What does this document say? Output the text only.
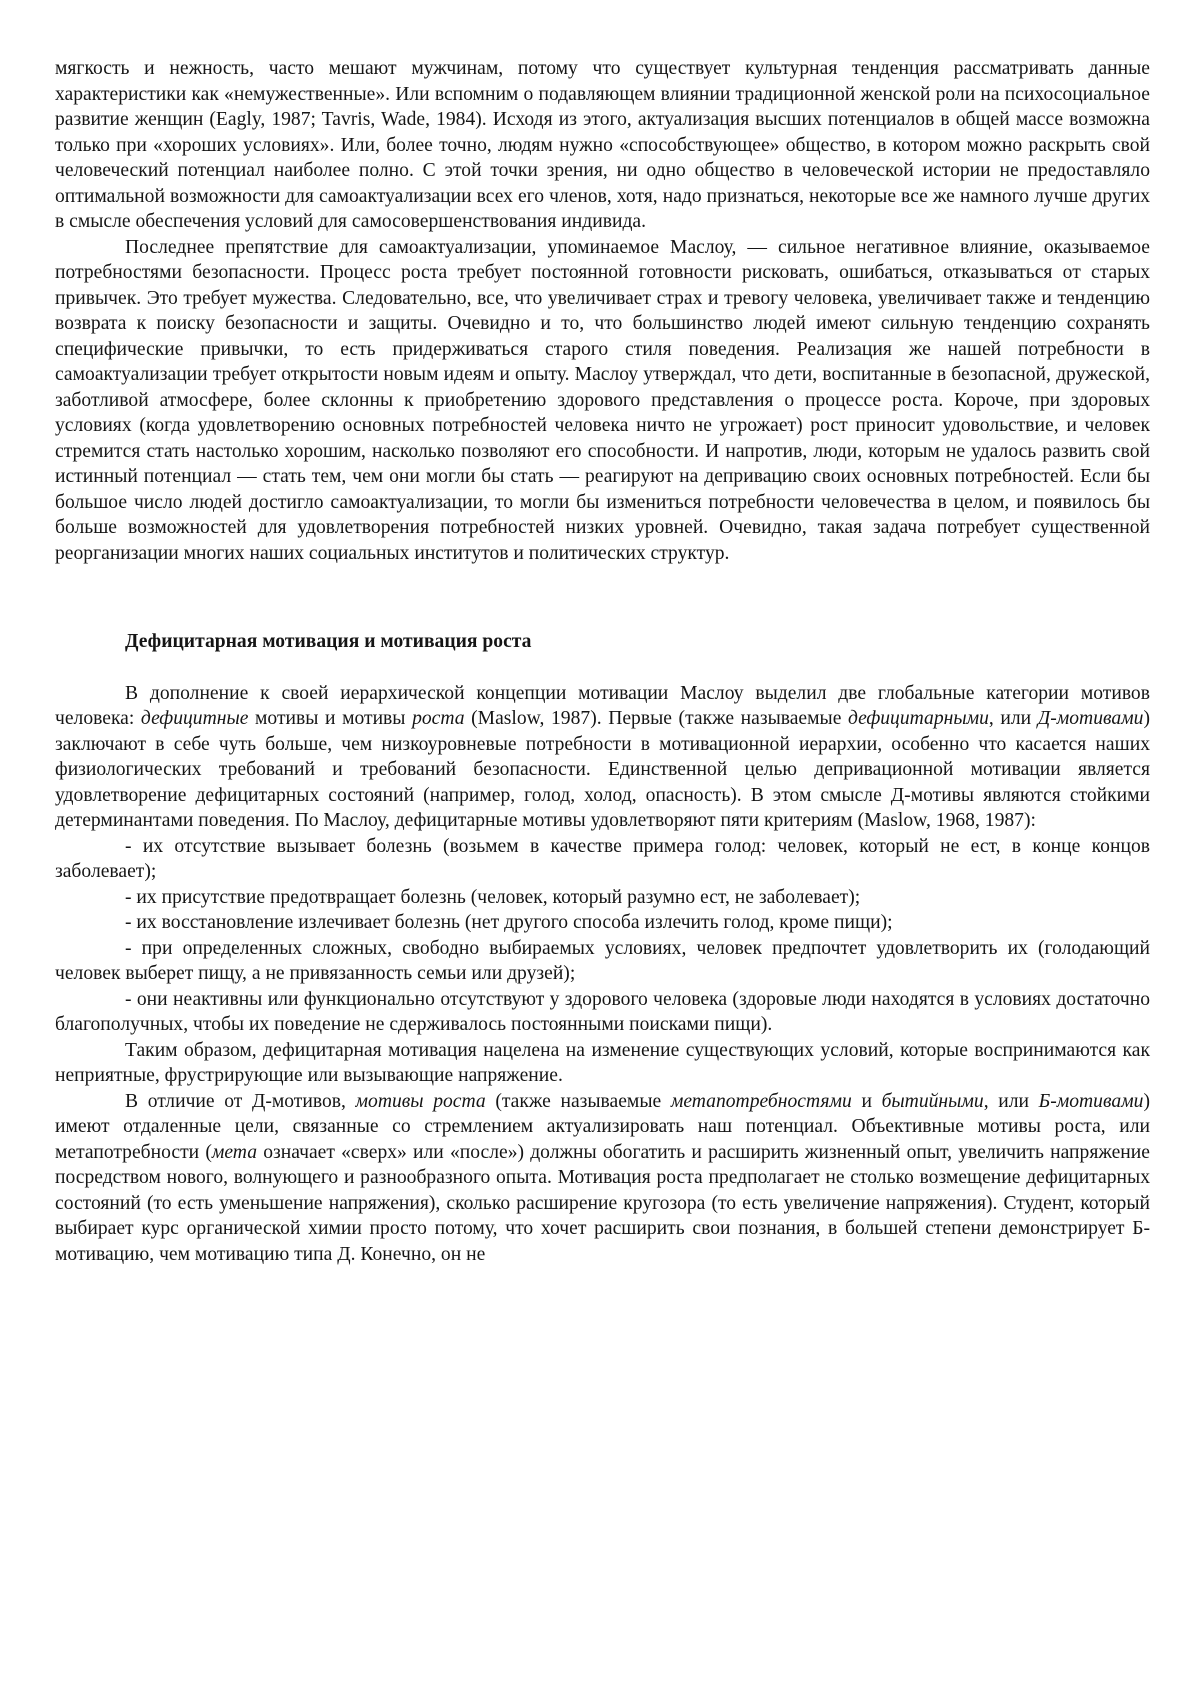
мягкость и нежность, часто мешают мужчинам, потому что существует культурная тенденция рассматривать данные характеристики как «немужественные». Или вспомним о подавляющем влиянии традиционной женской роли на психосоциальное развитие женщин (Eagly, 1987; Tavris, Wade, 1984). Исходя из этого, актуализация высших потенциалов в общей массе возможна только при «хороших условиях». Или, более точно, людям нужно «способствующее» общество, в котором можно раскрыть свой человеческий потенциал наиболее полно. С этой точки зрения, ни одно общество в человеческой истории не предоставляло оптимальной возможности для самоактуализации всех его членов, хотя, надо признаться, некоторые все же намного лучше других в смысле обеспечения условий для самосовершенствования индивида.

Последнее препятствие для самоактуализации, упоминаемое Маслоу, — сильное негативное влияние, оказываемое потребностями безопасности. Процесс роста требует постоянной готовности рисковать, ошибаться, отказываться от старых привычек. Это требует мужества. Следовательно, все, что увеличивает страх и тревогу человека, увеличивает также и тенденцию возврата к поиску безопасности и защиты. Очевидно и то, что большинство людей имеют сильную тенденцию сохранять специфические привычки, то есть придерживаться старого стиля поведения. Реализация же нашей потребности в самоактуализации требует открытости новым идеям и опыту. Маслоу утверждал, что дети, воспитанные в безопасной, дружеской, заботливой атмосфере, более склонны к приобретению здорового представления о процессе роста. Короче, при здоровых условиях (когда удовлетворению основных потребностей человека ничто не угрожает) рост приносит удовольствие, и человек стремится стать настолько хорошим, насколько позволяют его способности. И напротив, люди, которым не удалось развить свой истинный потенциал — стать тем, чем они могли бы стать — реагируют на депривацию своих основных потребностей. Если бы большое число людей достигло самоактуализации, то могли бы измениться потребности человечества в целом, и появилось бы больше возможностей для удовлетворения потребностей низких уровней. Очевидно, такая задача потребует существенной реорганизации многих наших социальных институтов и политических структур.

Дефицитарная мотивация и мотивация роста

В дополнение к своей иерархической концепции мотивации Маслоу выделил две глобальные категории мотивов человека: дефицитные мотивы и мотивы роста (Maslow, 1987). Первые (также называемые дефицитарными, или Д-мотивами) заключают в себе чуть больше, чем низкоуровневые потребности в мотивационной иерархии, особенно что касается наших физиологических требований и требований безопасности. Единственной целью депривационной мотивации является удовлетворение дефицитарных состояний (например, голод, холод, опасность). В этом смысле Д-мотивы являются стойкими детерминантами поведения. По Маслоу, дефицитарные мотивы удовлетворяют пяти критериям (Maslow, 1968, 1987):

- их отсутствие вызывает болезнь (возьмем в качестве примера голод: человек, который не ест, в конце концов заболевает);

- их присутствие предотвращает болезнь (человек, который разумно ест, не заболевает);

- их восстановление излечивает болезнь (нет другого способа излечить голод, кроме пищи);

- при определенных сложных, свободно выбираемых условиях, человек предпочтет удовлетворить их (голодающий человек выберет пищу, а не привязанность семьи или друзей);

- они неактивны или функционально отсутствуют у здорового человека (здоровые люди находятся в условиях достаточно благополучных, чтобы их поведение не сдерживалось постоянными поисками пищи).

Таким образом, дефицитарная мотивация нацелена на изменение существующих условий, которые воспринимаются как неприятные, фрустрирующие или вызывающие напряжение.

В отличие от Д-мотивов, мотивы роста (также называемые метапотребностями и бытийными, или Б-мотивами) имеют отдаленные цели, связанные со стремлением актуализировать наш потенциал. Объективные мотивы роста, или метапотребности (мета означает «сверх» или «после») должны обогатить и расширить жизненный опыт, увеличить напряжение посредством нового, волнующего и разнообразного опыта. Мотивация роста предполагает не столько возмещение дефицитарных состояний (то есть уменьшение напряжения), сколько расширение кругозора (то есть увеличение напряжения). Студент, который выбирает курс органической химии просто потому, что хочет расширить свои познания, в большей степени демонстрирует Б-мотивацию, чем мотивацию типа Д. Конечно, он не
